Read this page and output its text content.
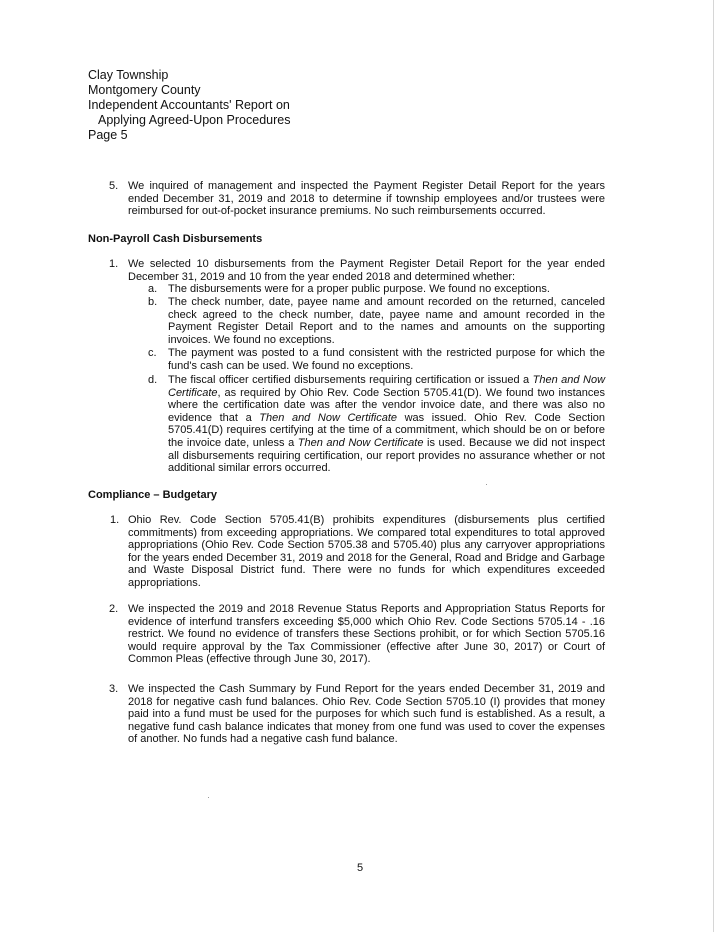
Clay Township
Montgomery County
Independent Accountants' Report on
Applying Agreed-Upon Procedures
Page 5
5. We inquired of management and inspected the Payment Register Detail Report for the years ended December 31, 2019 and 2018 to determine if township employees and/or trustees were reimbursed for out-of-pocket insurance premiums. No such reimbursements occurred.
Non-Payroll Cash Disbursements
1. We selected 10 disbursements from the Payment Register Detail Report for the year ended December 31, 2019 and 10 from the year ended 2018 and determined whether:
a. The disbursements were for a proper public purpose. We found no exceptions.
b. The check number, date, payee name and amount recorded on the returned, canceled check agreed to the check number, date, payee name and amount recorded in the Payment Register Detail Report and to the names and amounts on the supporting invoices. We found no exceptions.
c. The payment was posted to a fund consistent with the restricted purpose for which the fund's cash can be used. We found no exceptions.
d. The fiscal officer certified disbursements requiring certification or issued a Then and Now Certificate, as required by Ohio Rev. Code Section 5705.41(D). We found two instances where the certification date was after the vendor invoice date, and there was also no evidence that a Then and Now Certificate was issued. Ohio Rev. Code Section 5705.41(D) requires certifying at the time of a commitment, which should be on or before the invoice date, unless a Then and Now Certificate is used. Because we did not inspect all disbursements requiring certification, our report provides no assurance whether or not additional similar errors occurred.
Compliance – Budgetary
1. Ohio Rev. Code Section 5705.41(B) prohibits expenditures (disbursements plus certified commitments) from exceeding appropriations. We compared total expenditures to total approved appropriations (Ohio Rev. Code Section 5705.38 and 5705.40) plus any carryover appropriations for the years ended December 31, 2019 and 2018 for the General, Road and Bridge and Garbage and Waste Disposal District fund. There were no funds for which expenditures exceeded appropriations.
2. We inspected the 2019 and 2018 Revenue Status Reports and Appropriation Status Reports for evidence of interfund transfers exceeding $5,000 which Ohio Rev. Code Sections 5705.14 - .16 restrict. We found no evidence of transfers these Sections prohibit, or for which Section 5705.16 would require approval by the Tax Commissioner (effective after June 30, 2017) or Court of Common Pleas (effective through June 30, 2017).
3. We inspected the Cash Summary by Fund Report for the years ended December 31, 2019 and 2018 for negative cash fund balances. Ohio Rev. Code Section 5705.10 (I) provides that money paid into a fund must be used for the purposes for which such fund is established. As a result, a negative fund cash balance indicates that money from one fund was used to cover the expenses of another. No funds had a negative cash fund balance.
5
